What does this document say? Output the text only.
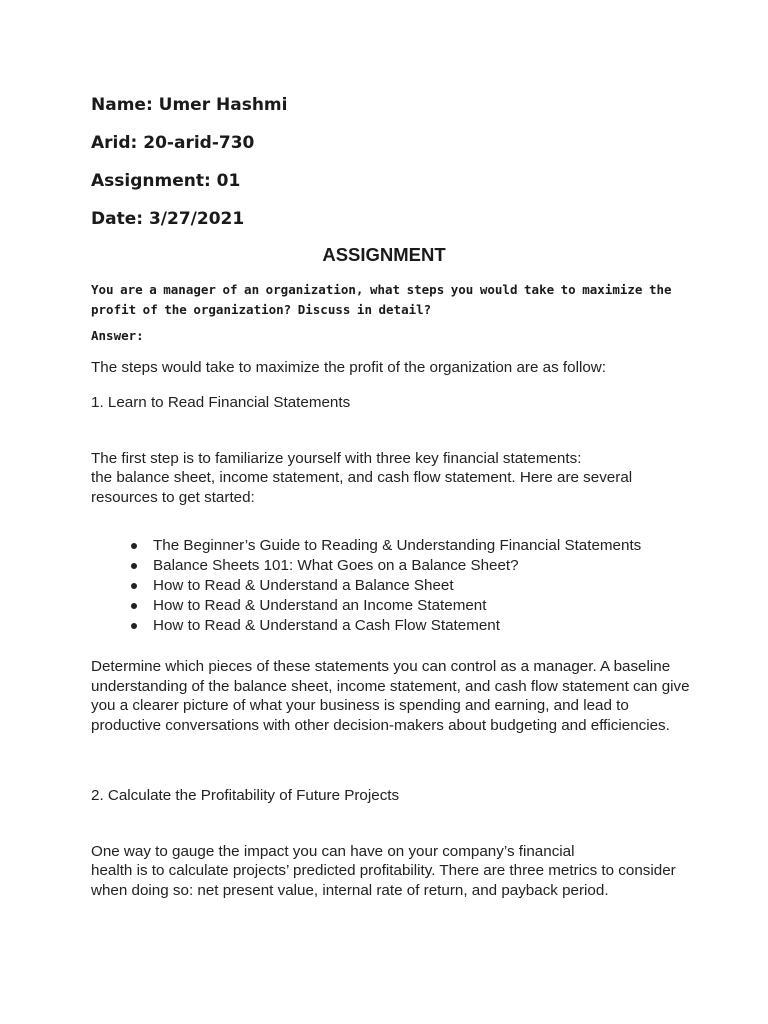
Name: Umer Hashmi
Arid: 20-arid-730
Assignment: 01
Date: 3/27/2021
ASSIGNMENT
You are a manager of an organization, what steps you would take to maximize the profit of the organization? Discuss in detail?
Answer:
The steps would take to maximize the profit of the organization are as follow:
1. Learn to Read Financial Statements
The first step is to familiarize yourself with three key financial statements:
the balance sheet, income statement, and cash flow statement. Here are several resources to get started:
The Beginner’s Guide to Reading & Understanding Financial Statements
Balance Sheets 101: What Goes on a Balance Sheet?
How to Read & Understand a Balance Sheet
How to Read & Understand an Income Statement
How to Read & Understand a Cash Flow Statement
Determine which pieces of these statements you can control as a manager. A baseline understanding of the balance sheet, income statement, and cash flow statement can give you a clearer picture of what your business is spending and earning, and lead to productive conversations with other decision-makers about budgeting and efficiencies.
2. Calculate the Profitability of Future Projects
One way to gauge the impact you can have on your company’s financial
health is to calculate projects’ predicted profitability. There are three metrics to consider when doing so: net present value, internal rate of return, and payback period.
